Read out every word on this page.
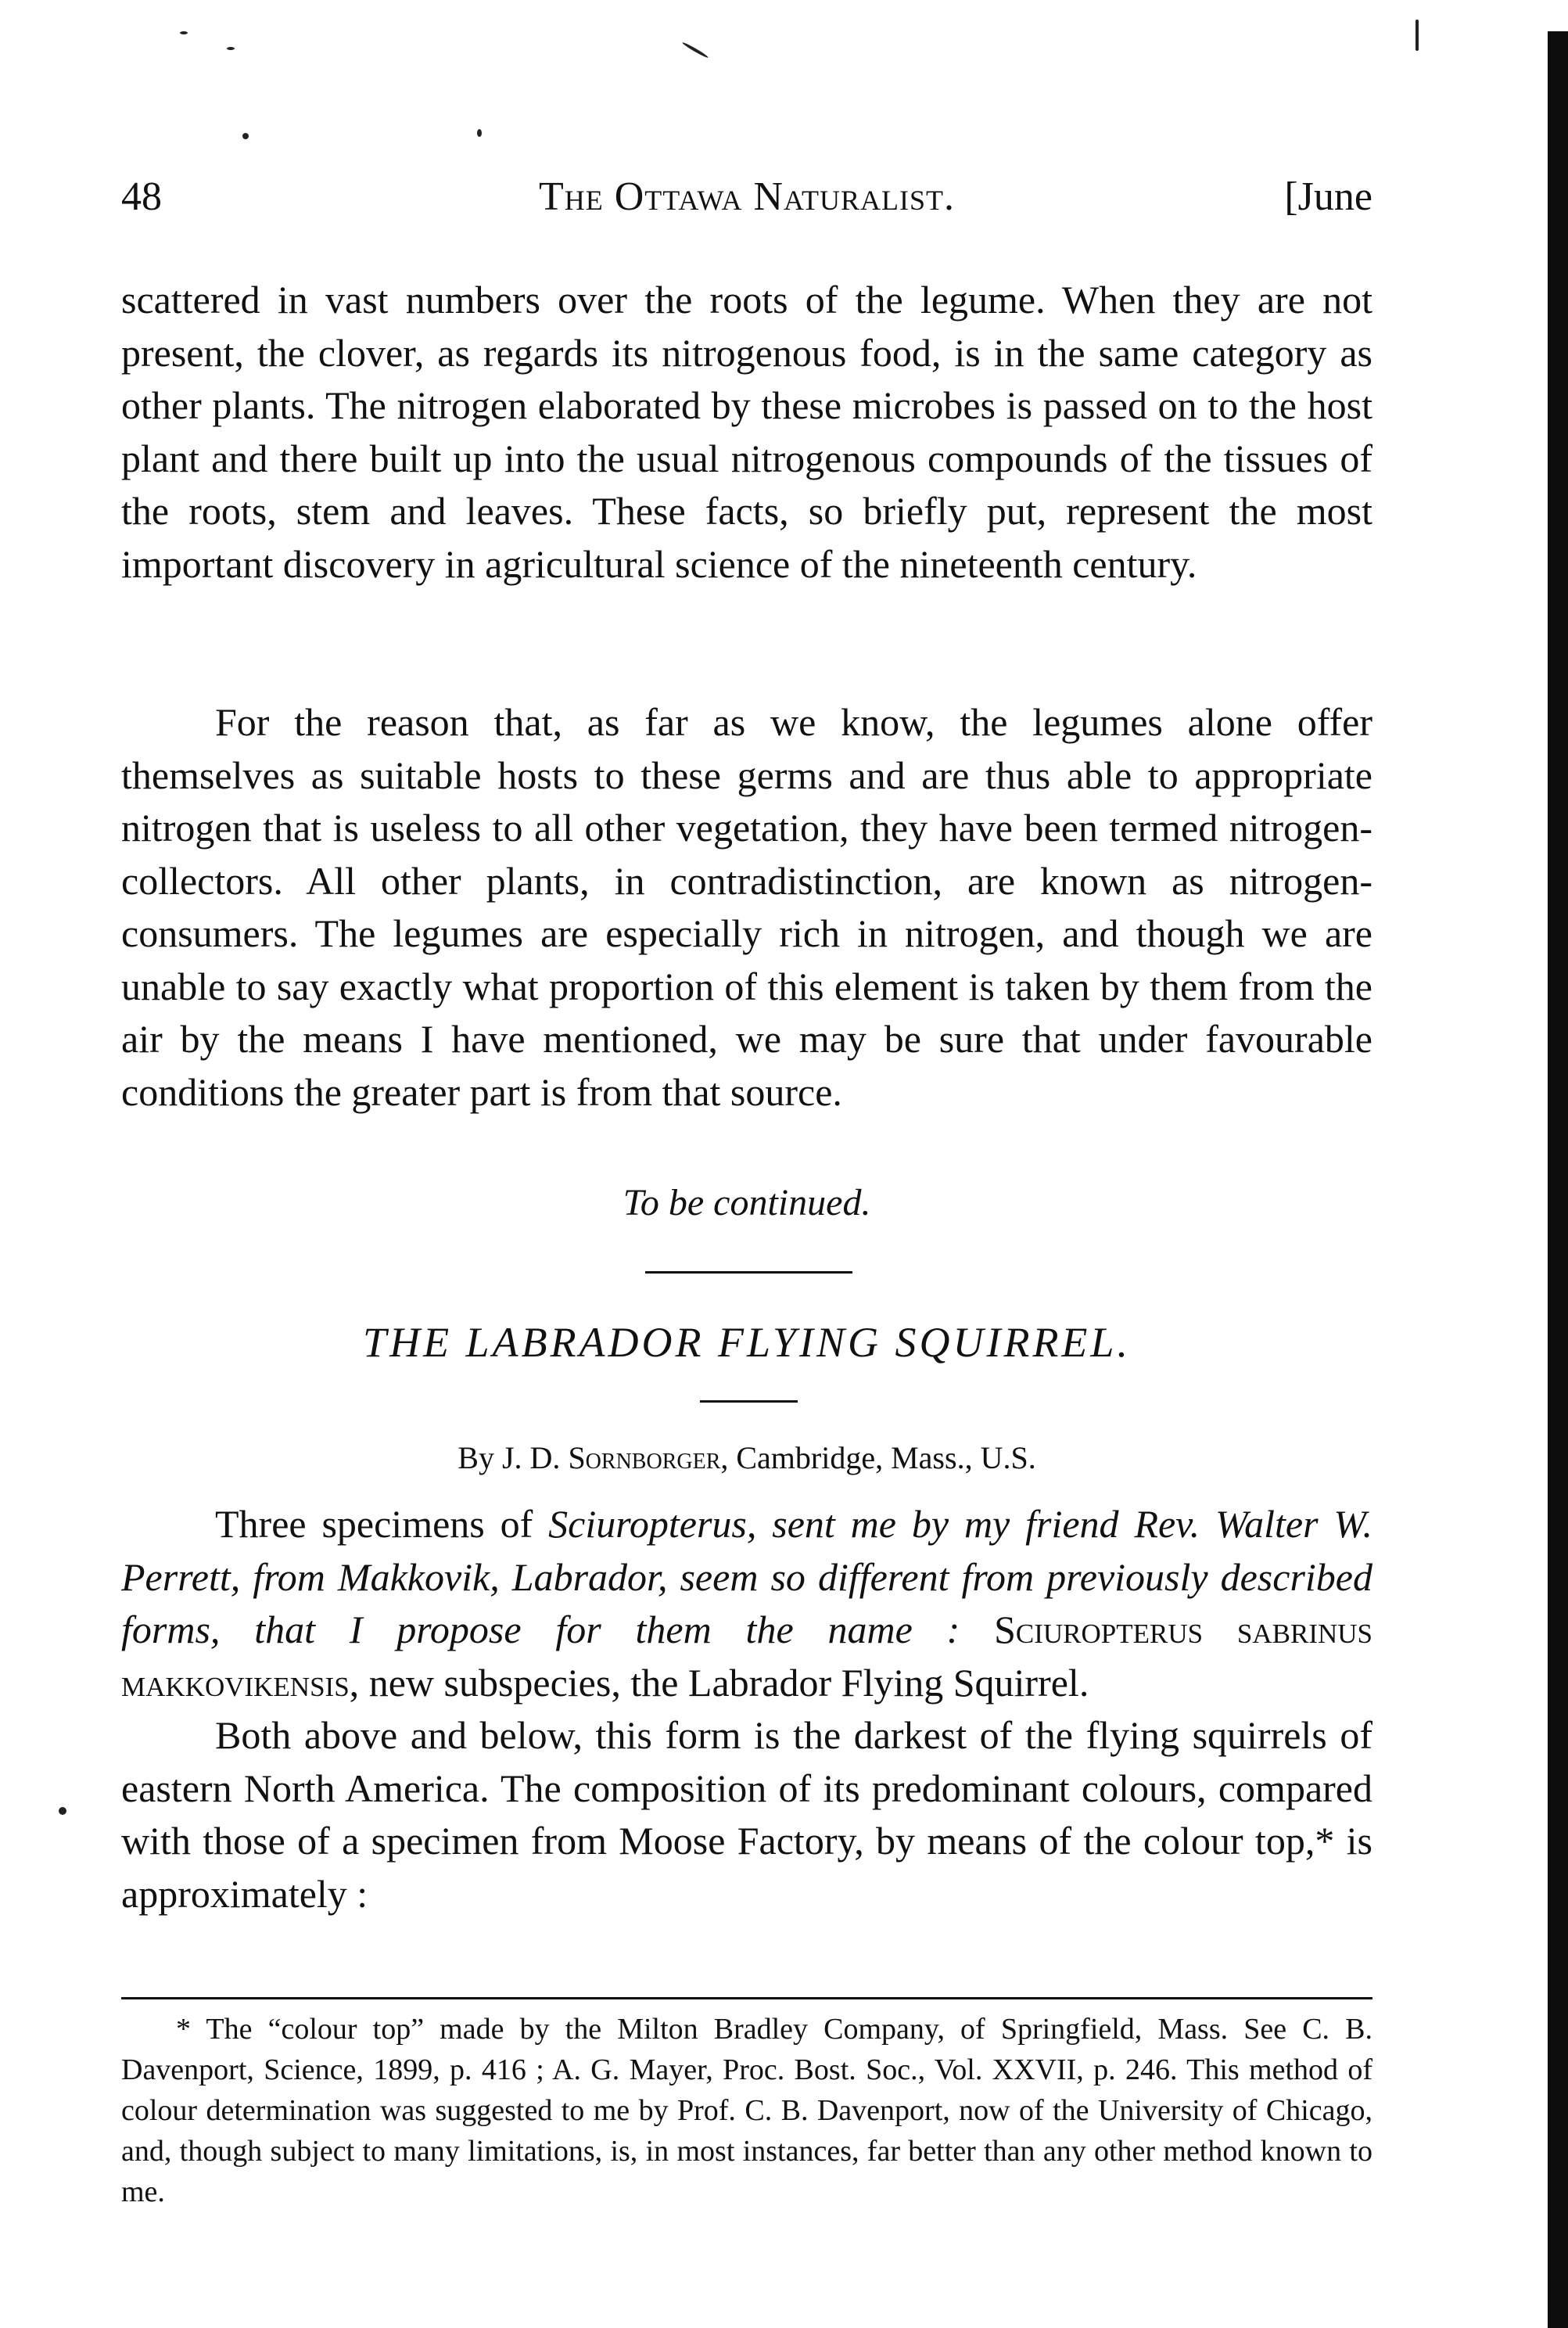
48	The Ottawa Naturalist.	[June

scattered in vast numbers over the roots of the legume. When they are not present, the clover, as regards its nitrogenous food, is in the same category as other plants. The nitrogen elaborated by these microbes is passed on to the host plant and there built up into the usual nitrogenous compounds of the tissues of the roots, stem and leaves. These facts, so briefly put, represent the most important discovery in agricultural science of the nineteenth century.

For the reason that, as far as we know, the legumes alone offer themselves as suitable hosts to these germs and are thus able to appropriate nitrogen that is useless to all other vegetation, they have been termed nitrogen-collectors. All other plants, in contradistinction, are known as nitrogen-consumers. The legumes are especially rich in nitrogen, and though we are unable to say exactly what proportion of this element is taken by them from the air by the means I have mentioned, we may be sure that under favourable conditions the greater part is from that source.

To be continued.
THE LABRADOR FLYING SQUIRREL.
By J. D. Sornborger, Cambridge, Mass., U.S.

Three specimens of Sciuropterus, sent me by my friend Rev. Walter W. Perrett, from Makkovik, Labrador, seem so different from previously described forms, that I propose for them the name : Sciuropterus sabrinus makkovikensis, new subspecies, the Labrador Flying Squirrel.

Both above and below, this form is the darkest of the flying squirrels of eastern North America. The composition of its predominant colours, compared with those of a specimen from Moose Factory, by means of the colour top,* is approximately :

* The “colour top” made by the Milton Bradley Company, of Springfield, Mass. See C. B. Davenport, Science, 1899, p. 416 ; A. G. Mayer, Proc. Bost. Soc., Vol. XXVII, p. 246. This method of colour determination was suggested to me by Prof. C. B. Davenport, now of the University of Chicago, and, though subject to many limitations, is, in most instances, far better than any other method known to me.
